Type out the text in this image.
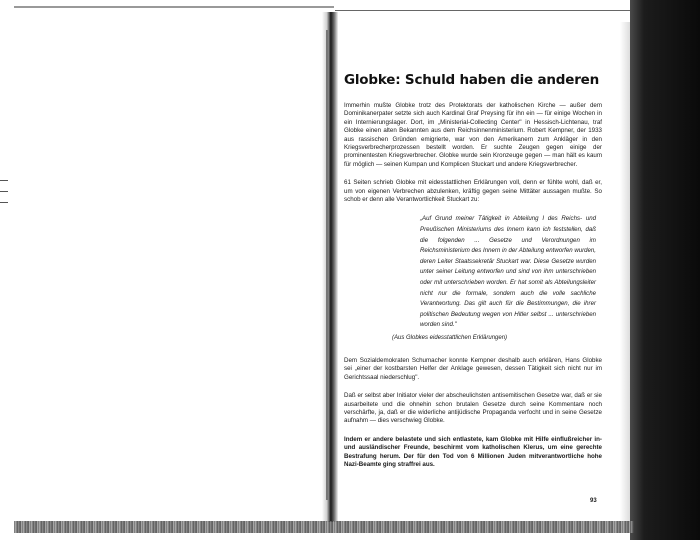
Globke: Schuld haben die anderen

Immerhin mußte Globke trotz des Protektorats der katholischen Kirche — außer dem Dominikanerpater setzte sich auch Kardinal Graf Preysing für ihn ein — für einige Wochen in ein Internierungslager. Dort, im „Ministerial-Collecting Center" in Hessisch-Lichtenau, traf Globke einen alten Bekannten aus dem Reichsinnenministerium. Robert Kempner, der 1933 aus rassischen Gründen emigrierte, war von den Amerikanern zum Ankläger in den Kriegsverbrecherprozessen bestellt worden. Er suchte Zeugen gegen einige der prominentesten Kriegsverbrecher. Globke wurde sein Kronzeuge gegen — man hält es kaum für möglich — seinen Kumpan und Komplicen Stuckart und andere Kriegsverbrecher.

61 Seiten schrieb Globke mit eidesstattlichen Erklärungen voll, denn er fühlte wohl, daß er, um von eigenen Verbrechen abzulenken, kräftig gegen seine Mittäter aussagen mußte. So schob er denn alle Verantwortlichkeit Stuckart zu:

„Auf Grund meiner Tätigkeit in Abteilung I des Reichs- und Preußischen Ministeriums des Innern kann ich feststellen, daß die folgenden ... Gesetze und Verordnungen im Reichsministerium des Innern in der Abteilung entworfen wurden, deren Leiter Staatssekretär Stuckart war. Diese Gesetze wurden unter seiner Leitung entworfen und sind von ihm unterschrieben oder mit unterschrieben worden. Er hat somit als Abteilungsleiter nicht nur die formale, sondern auch die volle sachliche Verantwortung. Das gilt auch für die Bestimmungen, die ihrer politischen Bedeutung wegen von Hitler selbst ... unterschrieben worden sind."

(Aus Globkes eidesstattlichen Erklärungen)

Dem Sozialdemokraten Schumacher konnte Kempner deshalb auch erklären, Hans Globke sei „einer der kostbarsten Helfer der Anklage gewesen, dessen Tätigkeit sich nicht nur im Gerichtssaal niederschlug".

Daß er selbst aber Initiator vieler der abscheulichsten antisemitischen Gesetze war, daß er sie ausarbeitete und die ohnehin schon brutalen Gesetze durch seine Kommentare noch verschärfte, ja, daß er die widerliche antijüdische Propaganda verfocht und in seine Gesetze aufnahm — dies verschwieg Globke.

Indem er andere belastete und sich entlastete, kam Globke mit Hilfe einflußreicher in- und ausländischer Freunde, beschirmt vom katholischen Klerus, um eine gerechte Bestrafung herum. Der für den Tod von 6 Millionen Juden mitverantwortliche hohe Nazi-Beamte ging straffrei aus.

93
